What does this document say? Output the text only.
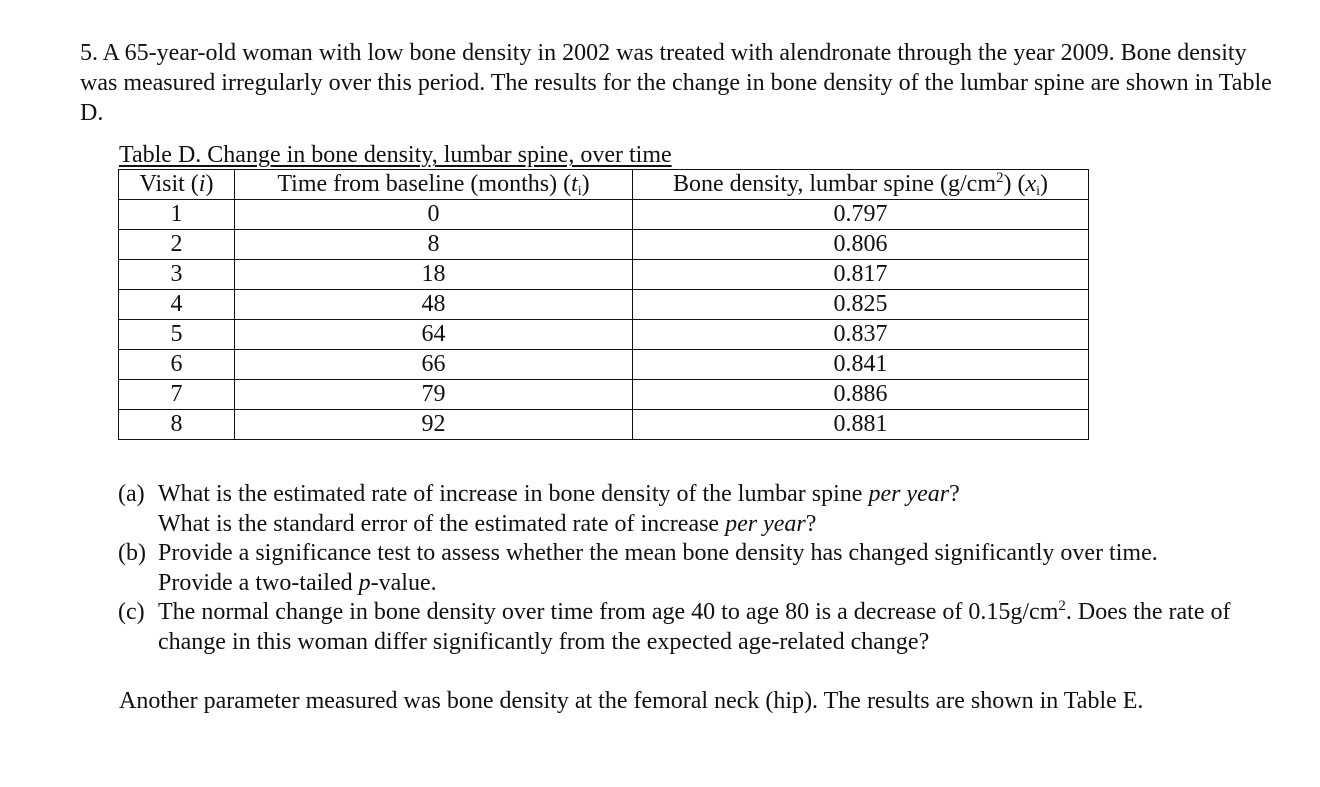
5. A 65-year-old woman with low bone density in 2002 was treated with alendronate through the year 2009. Bone density was measured irregularly over this period. The results for the change in bone density of the lumbar spine are shown in Table D.

Table D. Change in bone density, lumbar spine, over time
Visit (i)	Time from baseline (months) $(t_i)$	Bone density, lumbar spine $(g/cm^2)$ $(x_i)$
1	0	0.797
2	8	0.806
3	18	0.817
4	48	0.825
5	64	0.837
6	66	0.841
7	79	0.886
8	92	0.881
(a) What is the estimated rate of increase in bone density of the lumbar spine per year?
What is the standard error of the estimated rate of increase per year?
(b) Provide a significance test to assess whether the mean bone density has changed significantly over time.
Provide a two-tailed p-value.
(c) The normal change in bone density over time from age 40 to age 80 is a decrease of $0.15g/cm^2$. Does the rate of change in this woman differ significantly from the expected age-related change?
Another parameter measured was bone density at the femoral neck (hip). The results are shown in Table E.
